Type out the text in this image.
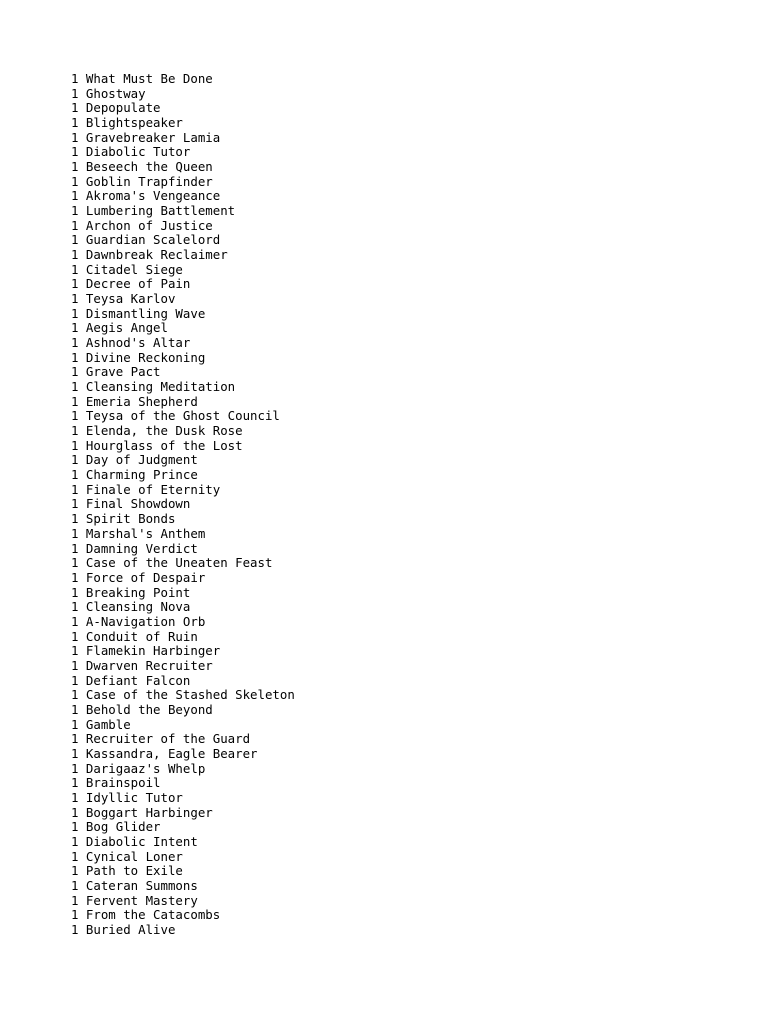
1 What Must Be Done
1 Ghostway
1 Depopulate
1 Blightspeaker
1 Gravebreaker Lamia
1 Diabolic Tutor
1 Beseech the Queen
1 Goblin Trapfinder
1 Akroma's Vengeance
1 Lumbering Battlement
1 Archon of Justice
1 Guardian Scalelord
1 Dawnbreak Reclaimer
1 Citadel Siege
1 Decree of Pain
1 Teysa Karlov
1 Dismantling Wave
1 Aegis Angel
1 Ashnod's Altar
1 Divine Reckoning
1 Grave Pact
1 Cleansing Meditation
1 Emeria Shepherd
1 Teysa of the Ghost Council
1 Elenda, the Dusk Rose
1 Hourglass of the Lost
1 Day of Judgment
1 Charming Prince
1 Finale of Eternity
1 Final Showdown
1 Spirit Bonds
1 Marshal's Anthem
1 Damning Verdict
1 Case of the Uneaten Feast
1 Force of Despair
1 Breaking Point
1 Cleansing Nova
1 A-Navigation Orb
1 Conduit of Ruin
1 Flamekin Harbinger
1 Dwarven Recruiter
1 Defiant Falcon
1 Case of the Stashed Skeleton
1 Behold the Beyond
1 Gamble
1 Recruiter of the Guard
1 Kassandra, Eagle Bearer
1 Darigaaz's Whelp
1 Brainspoil
1 Idyllic Tutor
1 Boggart Harbinger
1 Bog Glider
1 Diabolic Intent
1 Cynical Loner
1 Path to Exile
1 Cateran Summons
1 Fervent Mastery
1 From the Catacombs
1 Buried Alive
